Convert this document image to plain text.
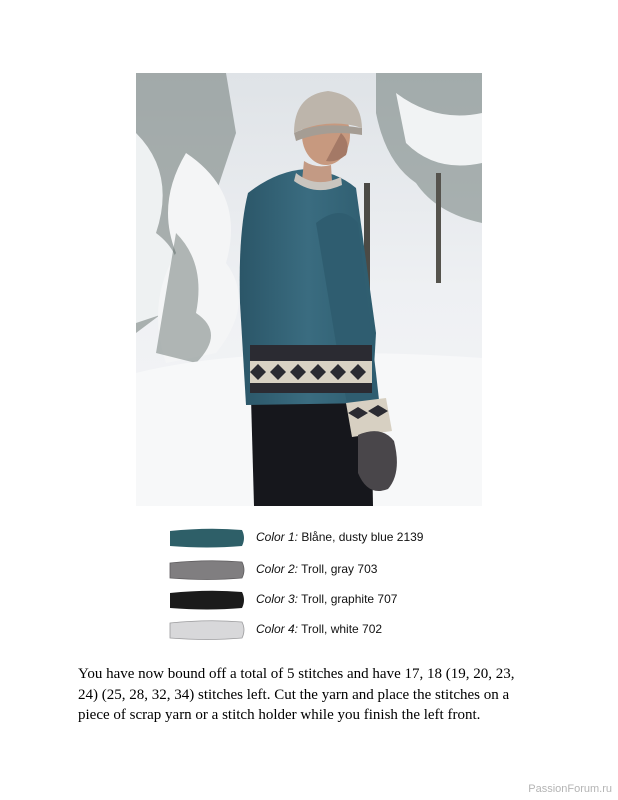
Color 1: Blåne, dusty blue 2139
Color 2: Troll, gray 703
Color 3: Troll, graphite 707
Color 4: Troll, white 702
You have now bound off a total of 5 stitches and have 17, 18 (19, 20, 23, 24) (25, 28, 32, 34) stitches left. Cut the yarn and place the stitches on a piece of scrap yarn or a stitch holder while you finish the left front.
PassionForum.ru
